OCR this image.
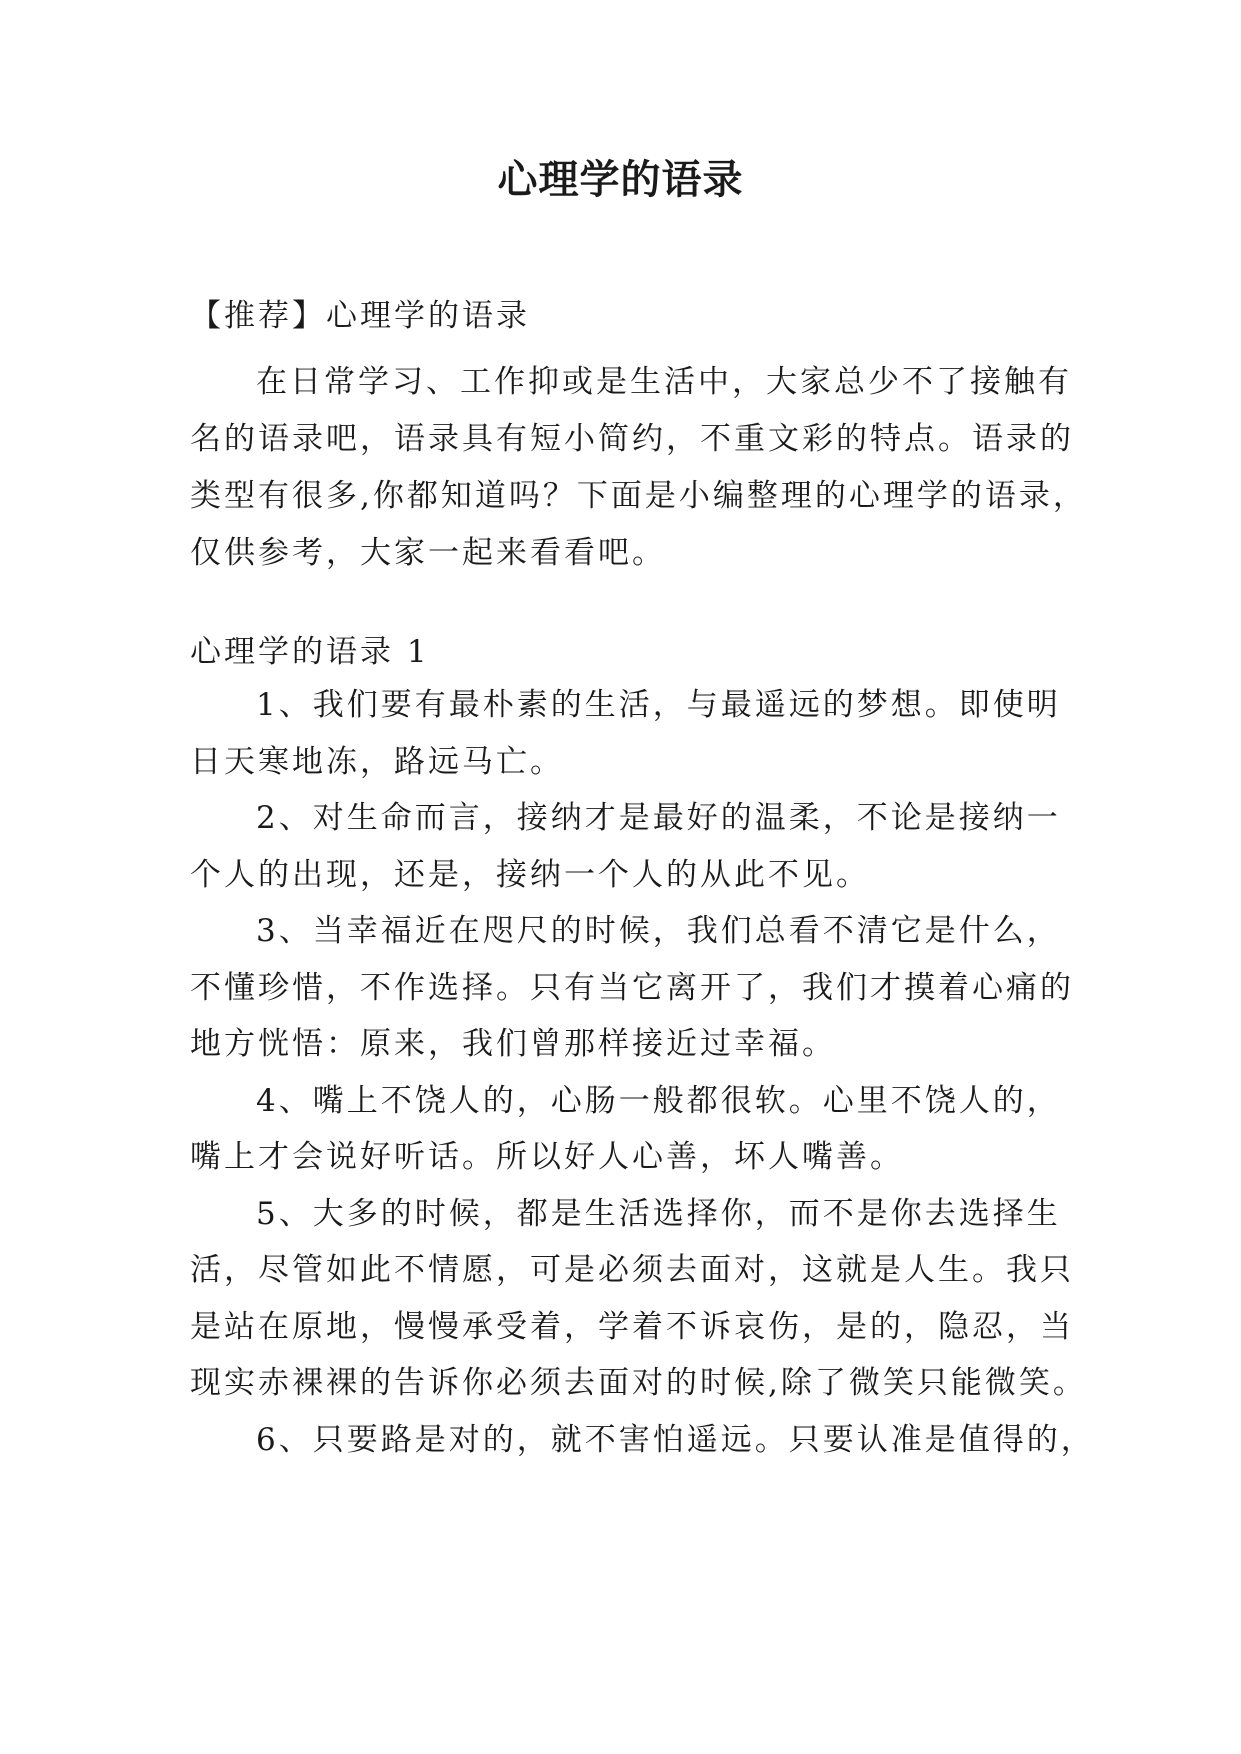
心理学的语录
【推荐】心理学的语录
在日常学习、工作抑或是生活中，大家总少不了接触有
名的语录吧，语录具有短小简约，不重文彩的特点。语录的
类型有很多,你都知道吗？下面是小编整理的心理学的语录，
仅供参考，大家一起来看看吧。
心理学的语录 1
1、我们要有最朴素的生活，与最遥远的梦想。即使明
日天寒地冻，路远马亡。
2、对生命而言，接纳才是最好的温柔，不论是接纳一
个人的出现，还是，接纳一个人的从此不见。
3、当幸福近在咫尺的时候，我们总看不清它是什么，
不懂珍惜，不作选择。只有当它离开了，我们才摸着心痛的
地方恍悟：原来，我们曾那样接近过幸福。
4、嘴上不饶人的，心肠一般都很软。心里不饶人的，
嘴上才会说好听话。所以好人心善，坏人嘴善。
5、大多的时候，都是生活选择你，而不是你去选择生
活，尽管如此不情愿，可是必须去面对，这就是人生。我只
是站在原地，慢慢承受着，学着不诉哀伤，是的，隐忍，当
现实赤裸裸的告诉你必须去面对的时候,除了微笑只能微笑。
6、只要路是对的，就不害怕遥远。只要认准是值得的，
